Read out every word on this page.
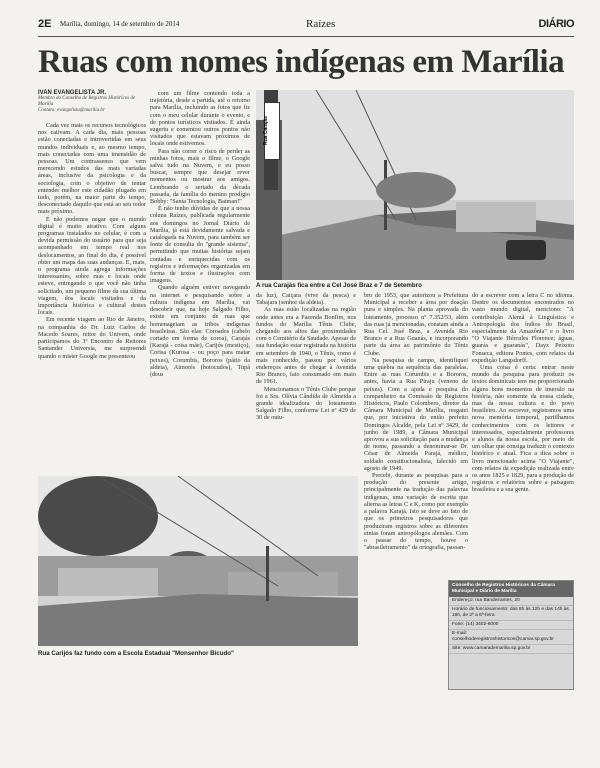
2E Marília, domingo, 14 de setembro de 2014	Raízes	DIÁRIO
Ruas com nomes indígenas em Marília
IVAN EVANGELISTA JR.
Membro do Conselho de Registros Históricos de Marília
Contato: evangelista@marilia.br

Cada vez mais os recursos tecnológicos nos cativam. A cada dia, mais pessoas estão conectadas e introvertidas em seus mundos individuais e, ao mesmo tempo, mais conectadas com uma imensidão de pessoas. Um contrassenso que vem merecendo estudos das mais variadas áreas, inclusive da psicologia e da sociologia, com o objetivo de tentar entender melhor este cidadão plugado em tudo, porém, na maior parte do tempo, desconectado daquilo que está ao seu redor mais próximo.

É não podemos negar que o mundo digital é muito atrativo. Com alguns programas instalados no celular, é com a devida permissão do usuário para que seja acompanhado em tempo real nos deslocamentos, ao final do dia, é possível obter um mapa das suas andanças. E, mais, o programa ainda agrega informações interessantes, sobre ruas e locais onde esteve, entregando o que você não tinha solicitado, um pequeno filme da sua última viagem, dos locais visitados e da importância histórica e cultural destes locais.

Em recente viagem ao Rio de Janeiro, na companhia do Dr. Luiz Carlos de Macedo Soares, reitor do Univem, onde participamos do 3º Encontro de Reitores Santander Universia, me surpreendi quando o mister Google me presenteou

com um filme contendo toda a trajetória, desde a partida, até o retorno para Marília, incluindo as fotos que fiz com o meu celular durante o evento, e de pontos turísticos visitados. É ainda sugeriu e comentou outros pontos não visitados que estavam próximos de locais onde estivemos.

Para não correr o risco de perder as minhas fotos, mais o filme, o Google salva tudo na Nuvem, e eu posso buscar, sempre que desejar rever momentos ou mostrar aos amigos. Lembrando o seriado da década passada, da família do menino prodígio Bobby: "Santa Tecnologia, Batman!"

É não tenho dúvidas de que a nossa coluna Raízes, publicada regularmente aos domingos no Jornal Diário de Marília, já está devidamente salvada e catalogada na Nuvem, para também ser fonte de consulta do "grande sistema", permitindo que muitas histórias sejam contadas e enriquecidas com os registros e informações organizadas em forma de textos e ilustrações com imagens.

Quando alguém estiver navegando na internet e pesquisando sobre a cultura indígena em Marília, vai descobrir que, na hoje Salgado Filho, existe um conjunto de ruas que homenageiam as tribos indígenas brasileiras. São elas: Coroados (cabelo cortado em forma de coroa), Carajás (Karajá - coisa mãe), Carijós (mestiço), Corisa (Kurosa - ou poço para matar peixes), Corumbis, Bororos (pátio da aldeia), Aimorés (botocudos), Tupã (deus

Rua Carajás
A rua Carajás fica entre a Cel José Braz e 7 de Setembro

da luz), Caiçara (vive da pesca) e Tabajara (senhor da aldeia).

As ruas estão localizadas na região onde antes era a Fazenda Bonfim, nos fundos do Marília Tênis Clube, chegando aos altos das proximidades com o Cemitério da Saudade. Apesar de sua fundação estar registrada na história em setembro de 1940, o Tênis, como é mais conhecido, passou por vários endereços antes de chegar à Avenida Rio Branco, fato consumado em maio de 1961.

Mencionamos o Tênis Clube porque foi a Sra. Olívia Cândida de Almeida a grande idealizadora do loteamento Salgado Filho, conforme Lei nº 429 de 30 de outu-

bro de 1953, que autorizou a Prefeitura Municipal a receber a área por doação pura e simples. Na planta aprovada do loteamento, processo nº 7.352/53, além das ruas já mencionadas, constam ainda a Rua Cel. José Braz, a Avenida Rio Branco e a Rua Guanás, e incorporando parte da área ao patrimônio do Tênis Clube.

Na pesquisa de campo, identifiquei uma quebra na sequência das paralelas. Entre as ruas Corumbis e a Bororos, antes, havia a Rua Piraju (veneno de peixes). Com a ajuda e pesquisa do companheiro na Comissão de Registros Históricos, Paulo Colombero, diretor da Câmara Municipal de Marília, resgatei que, por iniciativa do então prefeito Domingos Alcalde, pela Lei nº 3429, de junho de 1989, a Câmara Municipal aprovou a sua solicitação para a mudança de nome, passando a denominar-se Dr. César de Almeida Parajá, médico, soldado constitucionalista, falecido em agosto de 1949.

Percebi, durante as pesquisas para a produção do presente artigo, principalmente na tradução das palavras indígenas, uma variação de escrita que alterna as letras C e K, como por exemplo a palavra Karajá. Isto se deve ao fato de que os primeiros pesquisadores que produziram registros sobre as diferentes etnias foram antropólogos alemães. Com o passar do tempo, houve o "abrasileiramento" da ortografia, passan-

do a escrever com a letra C no idioma. Dentre os documentos encontrados no vasto mundo digital, menciono: "A contribuição Alemã à Linguística e Antropologia dos índios do Brasil, especialmente da Amazônia" e o livro "O Viajante Hércules Florence; águas, guarás e guaranás", Dayz Peixoto Fonseca, editora Pontes, com relatos da expedição Langsdorff.

Uma coisa é certa: entrar neste mundo da pesquisa para produzir os textos dominicais tem me proporcionado alguns bons momentos de imersão na história, não somente da nossa cidade, mas da nossa cultura e do povo brasileiro. Ao escrever, registramos uma nova memória temporal, partilhamos conhecimentos com os leitores e interessados, especialmente professores e alunos da nossa escola, por meio de um olhar que consiga traduzir o contexto histórico e atual. Fica a dica sobre o livro mencionado acima "O Viajante", com relatos da expedição realizada entre os anos 1825 e 1829, para a produção de registros e relatórios sobre a paisagem brasileira e a sua gente.

Rua Carijós faz fundo com a Escola Estadual "Monsenhor Bicudo"
Conselho de Registros Históricos da Câmara Municipal e Diário de Marília
Endereço: rua Bandeirantes, 20
Horário de funcionamento: das 8h às 12h e das 14h às 18h, de 2ª a 6ª-feira
Fone: (14) 3402-6000
E-mail: conselhoderegistroshistoricos@camar.sp.gov.br
Site: www.camarademarilia.sp.gov.br
